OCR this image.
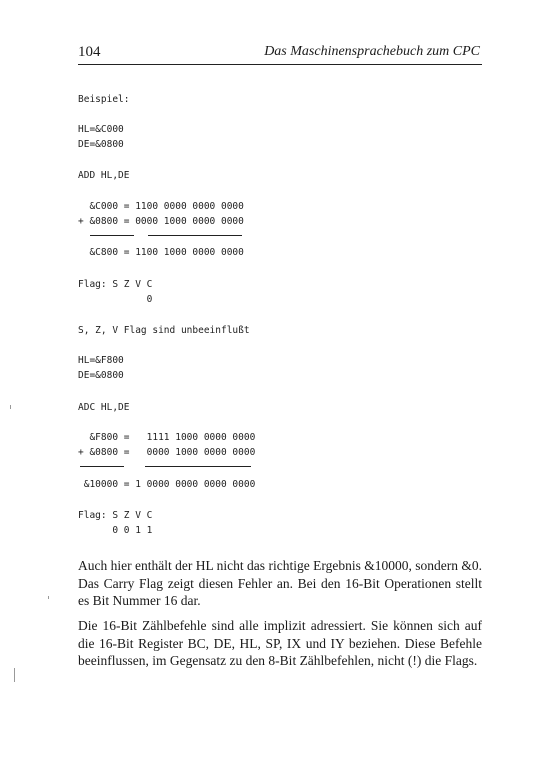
104	Das Maschinensprachebuch zum CPC
Beispiel:
HL=&C000
DE=&0800
ADD HL,DE
&C000 = 1100 0000 0000 0000
+ &0800 = 0000 1000 0000 0000
&C800 = 1100 1000 0000 0000
Flag: S Z V C
0
S, Z, V Flag sind unbeeinflußt
HL=&F800
DE=&0800
ADC HL,DE
&F800 =   1111 1000 0000 0000
+ &0800 =   0000 1000 0000 0000
&10000 = 1 0000 0000 0000 0000
Flag: S Z V C
0 0 1 1

Auch hier enthält der HL nicht das richtige Ergebnis &10000, sondern &0. Das Carry Flag zeigt diesen Fehler an. Bei den 16-Bit Operationen stellt es Bit Nummer 16 dar.

Die 16-Bit Zählbefehle sind alle implizit adressiert. Sie können sich auf die 16-Bit Register BC, DE, HL, SP, IX und IY beziehen. Diese Befehle beeinflussen, im Gegensatz zu den 8-Bit Zählbefehlen, nicht (!) die Flags.
